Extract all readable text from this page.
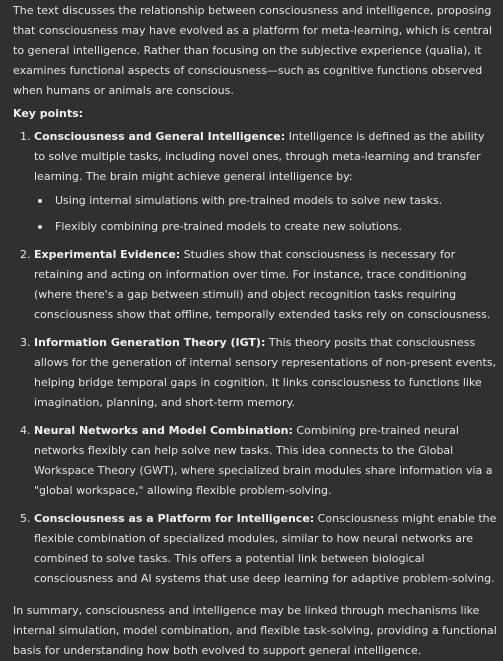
The text discusses the relationship between consciousness and intelligence, proposing that consciousness may have evolved as a platform for meta-learning, which is central to general intelligence. Rather than focusing on the subjective experience (qualia), it examines functional aspects of consciousness—such as cognitive functions observed when humans or animals are conscious.

Key points:

1. Consciousness and General Intelligence: Intelligence is defined as the ability to solve multiple tasks, including novel ones, through meta-learning and transfer learning. The brain might achieve general intelligence by:
Using internal simulations with pre-trained models to solve new tasks.
Flexibly combining pre-trained models to create new solutions.
2. Experimental Evidence: Studies show that consciousness is necessary for retaining and acting on information over time. For instance, trace conditioning (where there's a gap between stimuli) and object recognition tasks requiring consciousness show that offline, temporally extended tasks rely on consciousness.
3. Information Generation Theory (IGT): This theory posits that consciousness allows for the generation of internal sensory representations of non-present events, helping bridge temporal gaps in cognition. It links consciousness to functions like imagination, planning, and short-term memory.
4. Neural Networks and Model Combination: Combining pre-trained neural networks flexibly can help solve new tasks. This idea connects to the Global Workspace Theory (GWT), where specialized brain modules share information via a "global workspace," allowing flexible problem-solving.
5. Consciousness as a Platform for Intelligence: Consciousness might enable the flexible combination of specialized modules, similar to how neural networks are combined to solve tasks. This offers a potential link between biological consciousness and AI systems that use deep learning for adaptive problem-solving.

In summary, consciousness and intelligence may be linked through mechanisms like internal simulation, model combination, and flexible task-solving, providing a functional basis for understanding how both evolved to support general intelligence.
